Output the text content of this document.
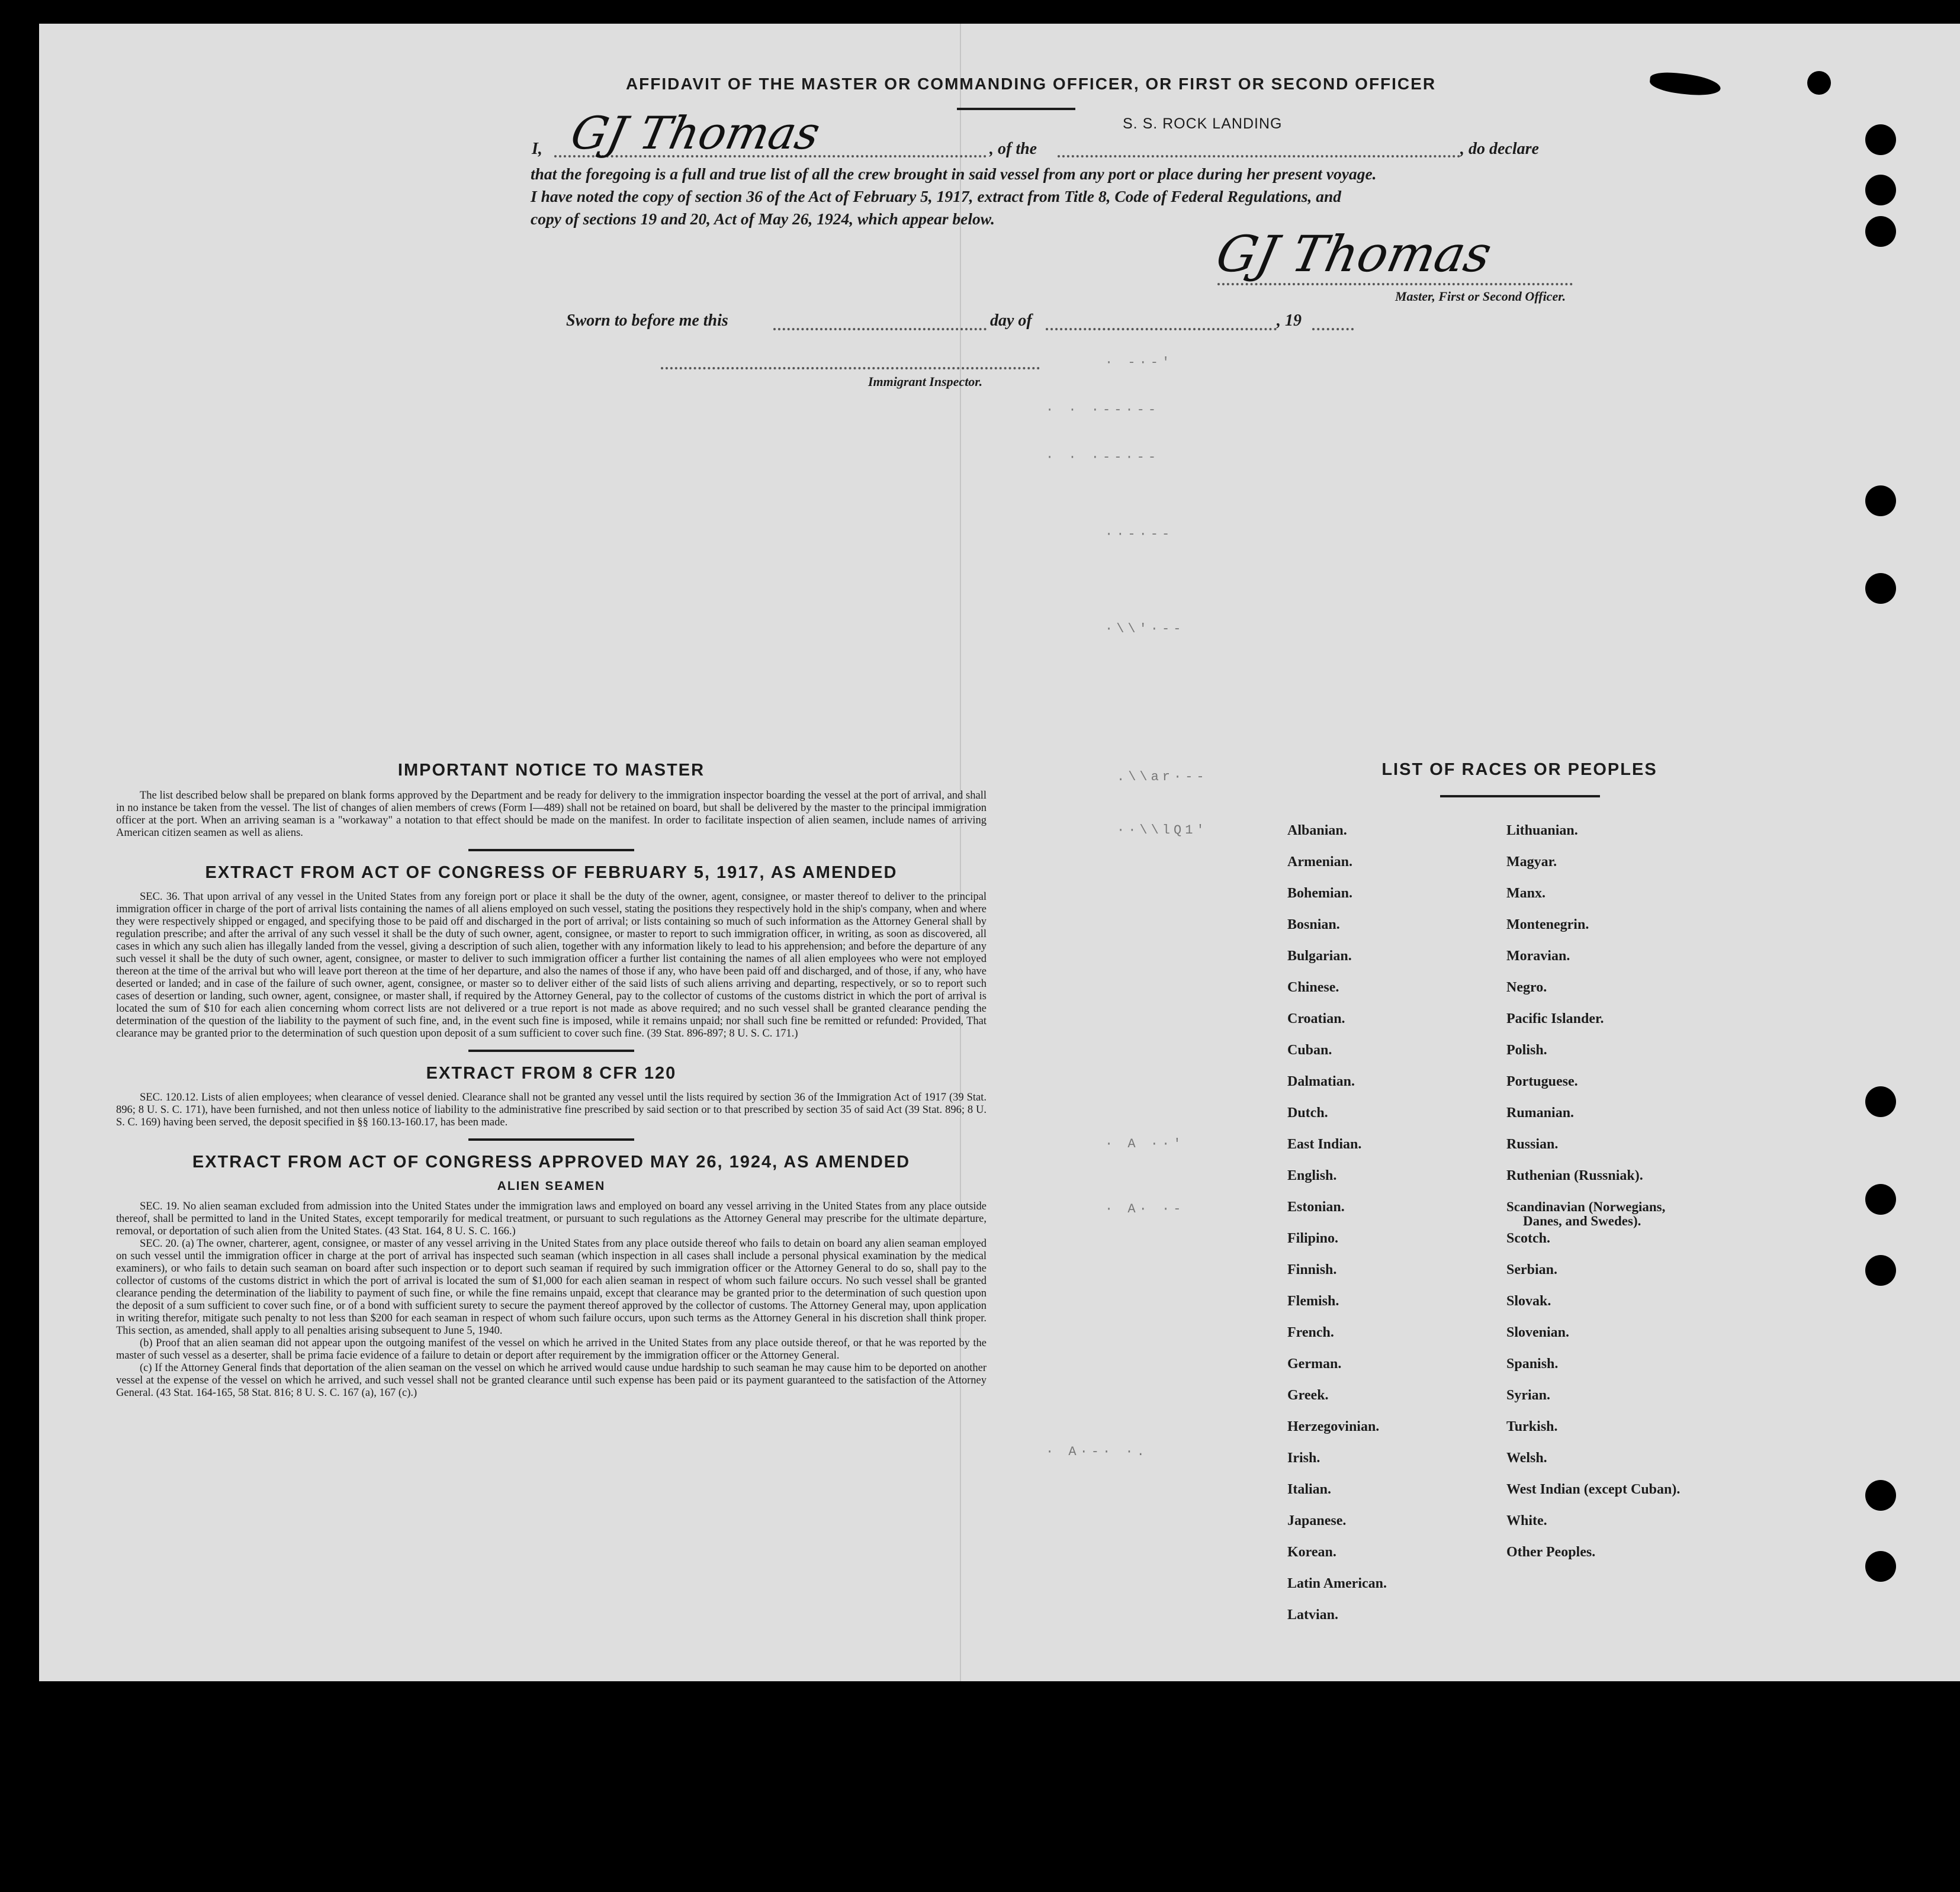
· -·-'
· · ·--·--
· · ·--·--
··-·--
·\\'·--
.\\ar·--
··\\lQ1'
· A ··'
· A· ·-
· A·-· ·.
AFFIDAVIT OF THE MASTER OR COMMANDING OFFICER, OR FIRST OR SECOND OFFICER
S. S. ROCK LANDING
I, GJ Thomas	, of the	, do declare
that the foregoing is a full and true list of all the crew brought in said vessel from any port or place during her present voyage.
I have noted the copy of section 36 of the Act of February 5, 1917, extract from Title 8, Code of Federal Regulations, and
copy of sections 19 and 20, Act of May 26, 1924, which appear below.
GJ Thomas
Master, First or Second Officer.
Sworn to before me this	day of	, 19
Immigrant Inspector.
IMPORTANT NOTICE TO MASTER

The list described below shall be prepared on blank forms approved by the Department and be ready for delivery to the immigration inspector boarding the vessel at the port of arrival, and shall in no instance be taken from the vessel. The list of changes of alien members of crews (Form I—489) shall not be retained on board, but shall be delivered by the master to the principal immigration officer at the port. When an arriving seaman is a "workaway" a notation to that effect should be made on the manifest. In order to facilitate inspection of alien seamen, include names of arriving American citizen seamen as well as aliens.

EXTRACT FROM ACT OF CONGRESS OF FEBRUARY 5, 1917, AS AMENDED

SEC. 36. That upon arrival of any vessel in the United States from any foreign port or place it shall be the duty of the owner, agent, consignee, or master thereof to deliver to the principal immigration officer in charge of the port of arrival lists containing the names of all aliens employed on such vessel, stating the positions they respectively hold in the ship's company, when and where they were respectively shipped or engaged, and specifying those to be paid off and discharged in the port of arrival; or lists containing so much of such information as the Attorney General shall by regulation prescribe; and after the arrival of any such vessel it shall be the duty of such owner, agent, consignee, or master to report to such immigration officer, in writing, as soon as discovered, all cases in which any such alien has illegally landed from the vessel, giving a description of such alien, together with any information likely to lead to his apprehension; and before the departure of any such vessel it shall be the duty of such owner, agent, consignee, or master to deliver to such immigration officer a further list containing the names of all alien employees who were not employed thereon at the time of the arrival but who will leave port thereon at the time of her departure, and also the names of those if any, who have been paid off and discharged, and of those, if any, who have deserted or landed; and in case of the failure of such owner, agent, consignee, or master so to deliver either of the said lists of such aliens arriving and departing, respectively, or so to report such cases of desertion or landing, such owner, agent, consignee, or master shall, if required by the Attorney General, pay to the collector of customs of the customs district in which the port of arrival is located the sum of $10 for each alien concerning whom correct lists are not delivered or a true report is not made as above required; and no such vessel shall be granted clearance pending the determination of the question of the liability to the payment of such fine, and, in the event such fine is imposed, while it remains unpaid; nor shall such fine be remitted or refunded: Provided, That clearance may be granted prior to the determination of such question upon deposit of a sum sufficient to cover such fine. (39 Stat. 896-897; 8 U. S. C. 171.)

EXTRACT FROM 8 CFR 120

SEC. 120.12. Lists of alien employees; when clearance of vessel denied. Clearance shall not be granted any vessel until the lists required by section 36 of the Immigration Act of 1917 (39 Stat. 896; 8 U. S. C. 171), have been furnished, and not then unless notice of liability to the administrative fine prescribed by said section or to that prescribed by section 35 of said Act (39 Stat. 896; 8 U. S. C. 169) having been served, the deposit specified in §§ 160.13-160.17, has been made.

EXTRACT FROM ACT OF CONGRESS APPROVED MAY 26, 1924, AS AMENDED
ALIEN SEAMEN

SEC. 19. No alien seaman excluded from admission into the United States under the immigration laws and employed on board any vessel arriving in the United States from any place outside thereof, shall be permitted to land in the United States, except temporarily for medical treatment, or pursuant to such regulations as the Attorney General may prescribe for the ultimate departure, removal, or deportation of such alien from the United States. (43 Stat. 164, 8 U. S. C. 166.)

SEC. 20. (a) The owner, charterer, agent, consignee, or master of any vessel arriving in the United States from any place outside thereof who fails to detain on board any alien seaman employed on such vessel until the immigration officer in charge at the port of arrival has inspected such seaman (which inspection in all cases shall include a personal physical examination by the medical examiners), or who fails to detain such seaman on board after such inspection or to deport such seaman if required by such immigration officer or the Attorney General to do so, shall pay to the collector of customs of the customs district in which the port of arrival is located the sum of $1,000 for each alien seaman in respect of whom such failure occurs. No such vessel shall be granted clearance pending the determination of the liability to payment of such fine, or while the fine remains unpaid, except that clearance may be granted prior to the determination of such question upon the deposit of a sum sufficient to cover such fine, or of a bond with sufficient surety to secure the payment thereof approved by the collector of customs. The Attorney General may, upon application in writing therefor, mitigate such penalty to not less than $200 for each seaman in respect of whom such failure occurs, upon such terms as the Attorney General in his discretion shall think proper. This section, as amended, shall apply to all penalties arising subsequent to June 5, 1940.

(b) Proof that an alien seaman did not appear upon the outgoing manifest of the vessel on which he arrived in the United States from any place outside thereof, or that he was reported by the master of such vessel as a deserter, shall be prima facie evidence of a failure to detain or deport after requirement by the immigration officer or the Attorney General.

(c) If the Attorney General finds that deportation of the alien seaman on the vessel on which he arrived would cause undue hardship to such seaman he may cause him to be deported on another vessel at the expense of the vessel on which he arrived, and such vessel shall not be granted clearance until such expense has been paid or its payment guaranteed to the satisfaction of the Attorney General. (43 Stat. 164-165, 58 Stat. 816; 8 U. S. C. 167 (a), 167 (c).)

LIST OF RACES OR PEOPLES
Albanian.
Armenian.
Bohemian.
Bosnian.
Bulgarian.
Chinese.
Croatian.
Cuban.
Dalmatian.
Dutch.
East Indian.
English.
Estonian.
Filipino.
Finnish.
Flemish.
French.
German.
Greek.
Herzegovinian.
Irish.
Italian.
Japanese.
Korean.
Latin American.
Latvian.
Lithuanian.
Magyar.
Manx.
Montenegrin.
Moravian.
Negro.
Pacific Islander.
Polish.
Portuguese.
Rumanian.
Russian.
Ruthenian (Russniak).
Scandinavian (Norwegians,
Danes, and Swedes).
Scotch.
Serbian.
Slovak.
Slovenian.
Spanish.
Syrian.
Turkish.
Welsh.
West Indian (except Cuban).
White.
Other Peoples.
